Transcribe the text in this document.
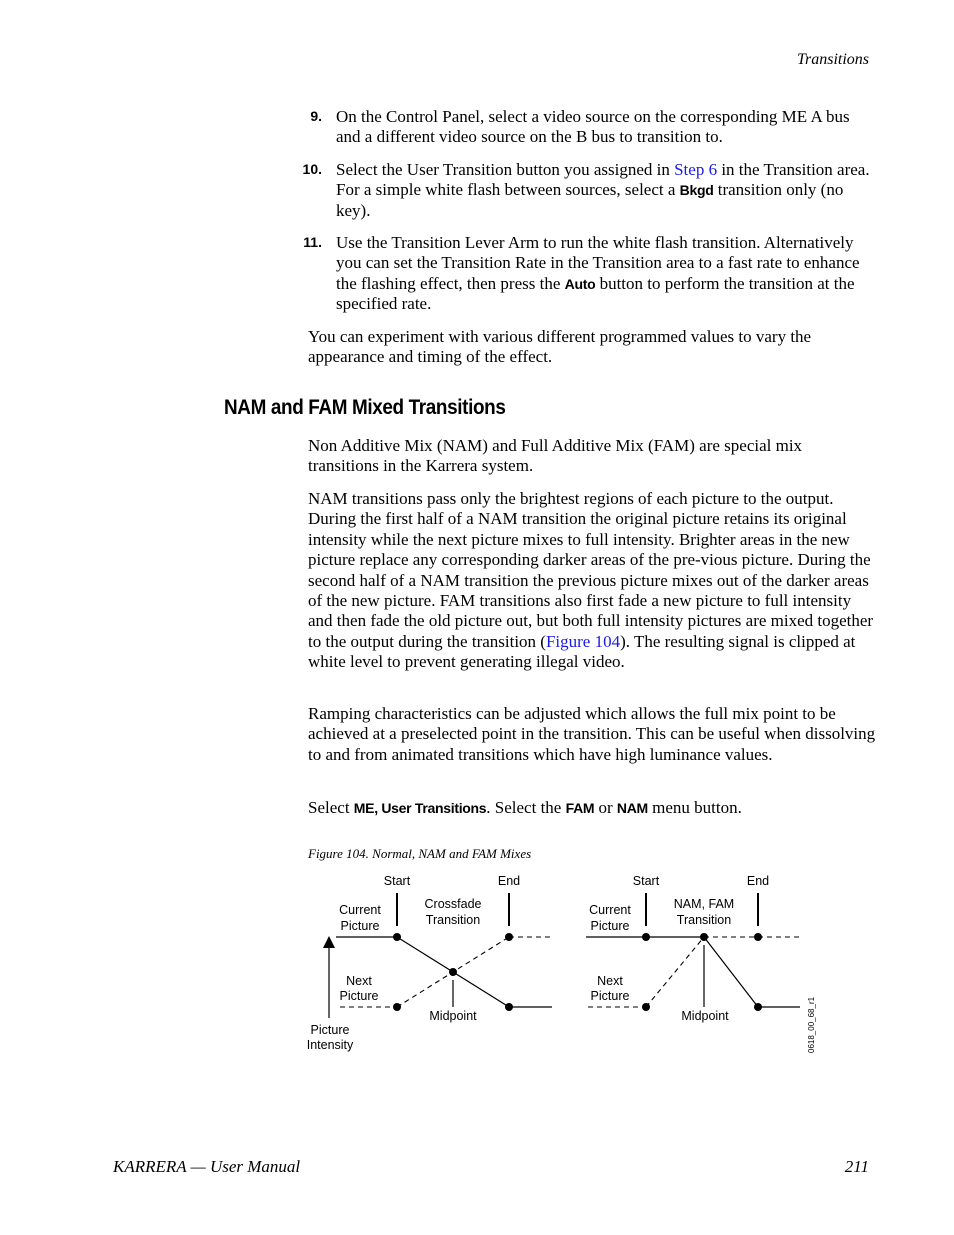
Transitions
9. On the Control Panel, select a video source on the corresponding ME A bus and a different video source on the B bus to transition to.
10. Select the User Transition button you assigned in Step 6 in the Transition area. For a simple white flash between sources, select a Bkgd transition only (no key).
11. Use the Transition Lever Arm to run the white flash transition. Alternatively you can set the Transition Rate in the Transition area to a fast rate to enhance the flashing effect, then press the Auto button to perform the transition at the specified rate.
You can experiment with various different programmed values to vary the appearance and timing of the effect.
NAM and FAM Mixed Transitions
Non Additive Mix (NAM) and Full Additive Mix (FAM) are special mix transitions in the Karrera system.
NAM transitions pass only the brightest regions of each picture to the output. During the first half of a NAM transition the original picture retains its original intensity while the next picture mixes to full intensity. Brighter areas in the new picture replace any corresponding darker areas of the pre-vious picture. During the second half of a NAM transition the previous picture mixes out of the darker areas of the new picture. FAM transitions also first fade a new picture to full intensity and then fade the old picture out, but both full intensity pictures are mixed together to the output during the transition (Figure 104). The resulting signal is clipped at white level to prevent generating illegal video.
Ramping characteristics can be adjusted which allows the full mix point to be achieved at a preselected point in the transition. This can be useful when dissolving to and from animated transitions which have high luminance values.
Select ME, User Transitions. Select the FAM or NAM menu button.
Figure 104. Normal, NAM and FAM Mixes
Start	End
Current
Picture
Crossfade
Transition
Next
Picture
Midpoint
Picture
Intensity
Start	End
Current
Picture
NAM, FAM
Transition
Next
Picture
Midpoint	0618_00_68_r1
KARRERA — User Manual	211
